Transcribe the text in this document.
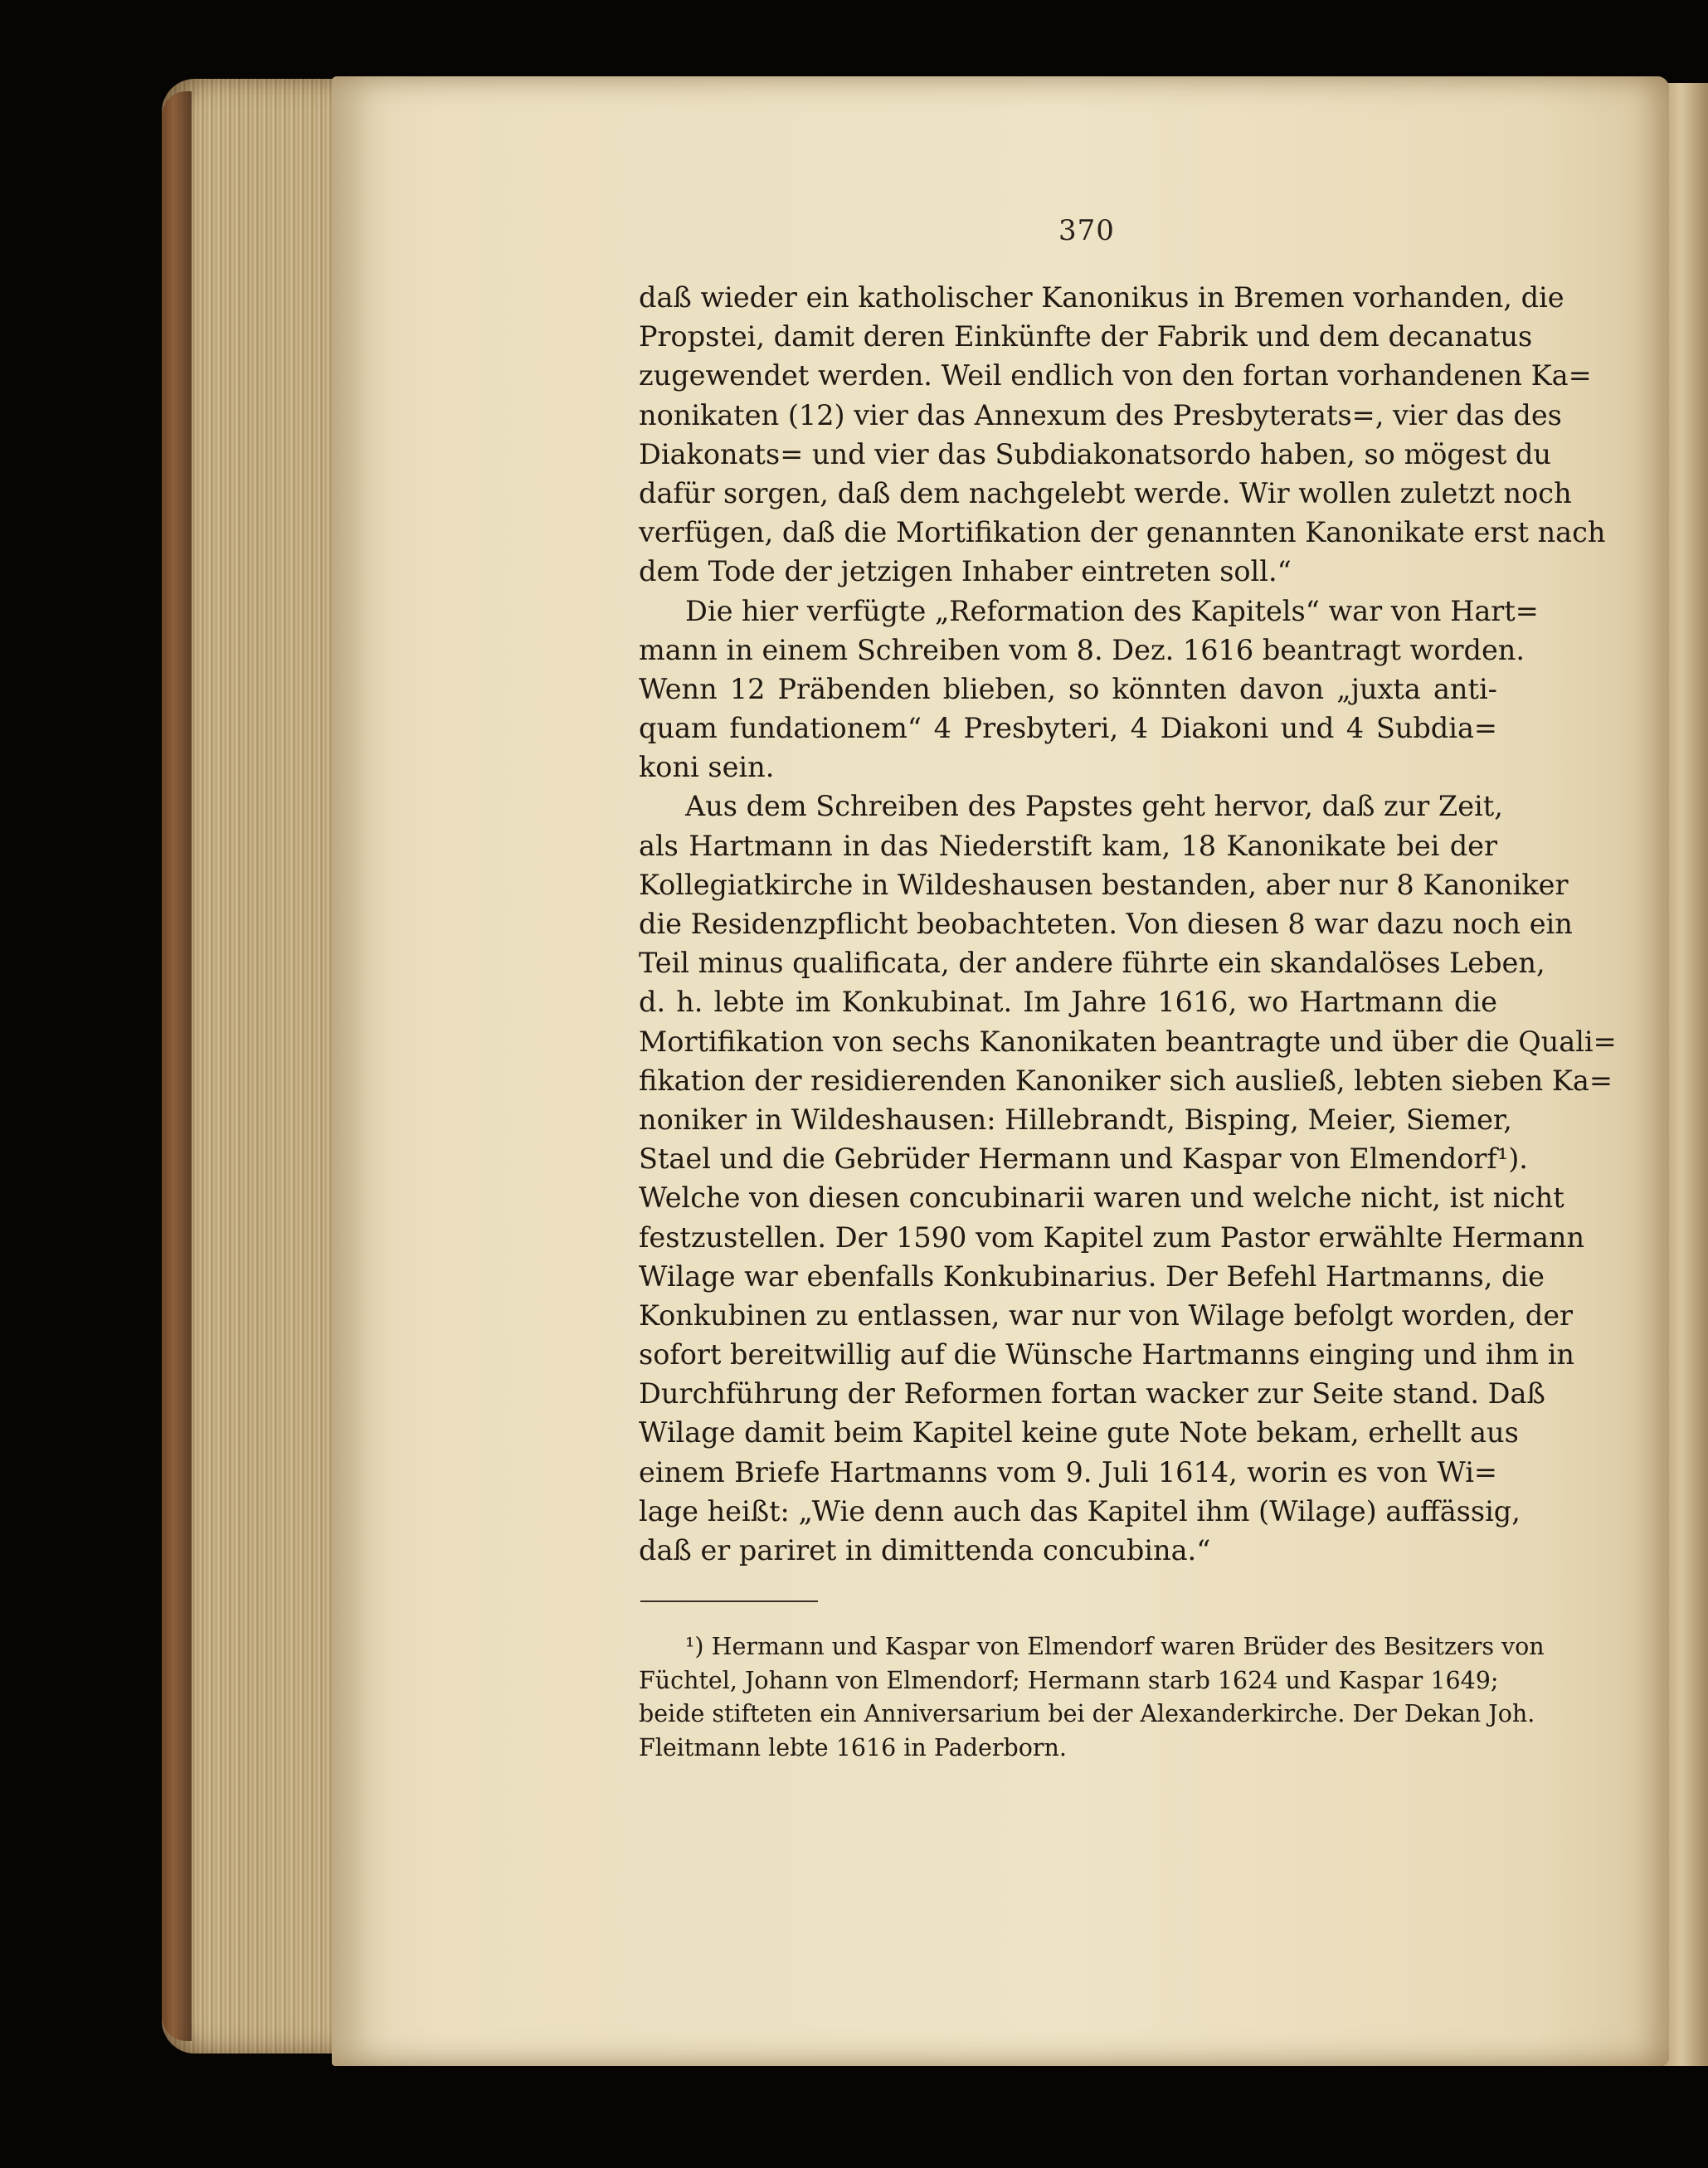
370
daß wieder ein katholischer Kanonikus in Bremen vorhanden, die
Propstei, damit deren Einkünfte der Fabrik und dem decanatus
zugewendet werden. Weil endlich von den fortan vorhandenen Ka=
nonikaten (12) vier das Annexum des Presbyterats=, vier das des
Diakonats= und vier das Subdiakonatsordo haben, so mögest du
dafür sorgen, daß dem nachgelebt werde. Wir wollen zuletzt noch
verfügen, daß die Mortifikation der genannten Kanonikate erst nach
dem Tode der jetzigen Inhaber eintreten soll.“
Die hier verfügte „Reformation des Kapitels“ war von Hart=
mann in einem Schreiben vom 8. Dez. 1616 beantragt worden.
Wenn 12 Präbenden blieben, so könnten davon „juxta anti-
quam fundationem“ 4 Presbyteri, 4 Diakoni und 4 Subdia=
koni sein.
Aus dem Schreiben des Papstes geht hervor, daß zur Zeit,
als Hartmann in das Niederstift kam, 18 Kanonikate bei der
Kollegiatkirche in Wildeshausen bestanden, aber nur 8 Kanoniker
die Residenzpflicht beobachteten. Von diesen 8 war dazu noch ein
Teil minus qualificata, der andere führte ein skandalöses Leben,
d. h. lebte im Konkubinat. Im Jahre 1616, wo Hartmann die
Mortifikation von sechs Kanonikaten beantragte und über die Quali=
fikation der residierenden Kanoniker sich ausließ, lebten sieben Ka=
noniker in Wildeshausen: Hillebrandt, Bisping, Meier, Siemer,
Stael und die Gebrüder Hermann und Kaspar von Elmendorf¹).
Welche von diesen concubinarii waren und welche nicht, ist nicht
festzustellen. Der 1590 vom Kapitel zum Pastor erwählte Hermann
Wilage war ebenfalls Konkubinarius. Der Befehl Hartmanns, die
Konkubinen zu entlassen, war nur von Wilage befolgt worden, der
sofort bereitwillig auf die Wünsche Hartmanns einging und ihm in
Durchführung der Reformen fortan wacker zur Seite stand. Daß
Wilage damit beim Kapitel keine gute Note bekam, erhellt aus
einem Briefe Hartmanns vom 9. Juli 1614, worin es von Wi=
lage heißt: „Wie denn auch das Kapitel ihm (Wilage) auffässig,
daß er pariret in dimittenda concubina.“
¹) Hermann und Kaspar von Elmendorf waren Brüder des Besitzers von
Füchtel, Johann von Elmendorf; Hermann starb 1624 und Kaspar 1649;
beide stifteten ein Anniversarium bei der Alexanderkirche. Der Dekan Joh.
Fleitmann lebte 1616 in Paderborn.
